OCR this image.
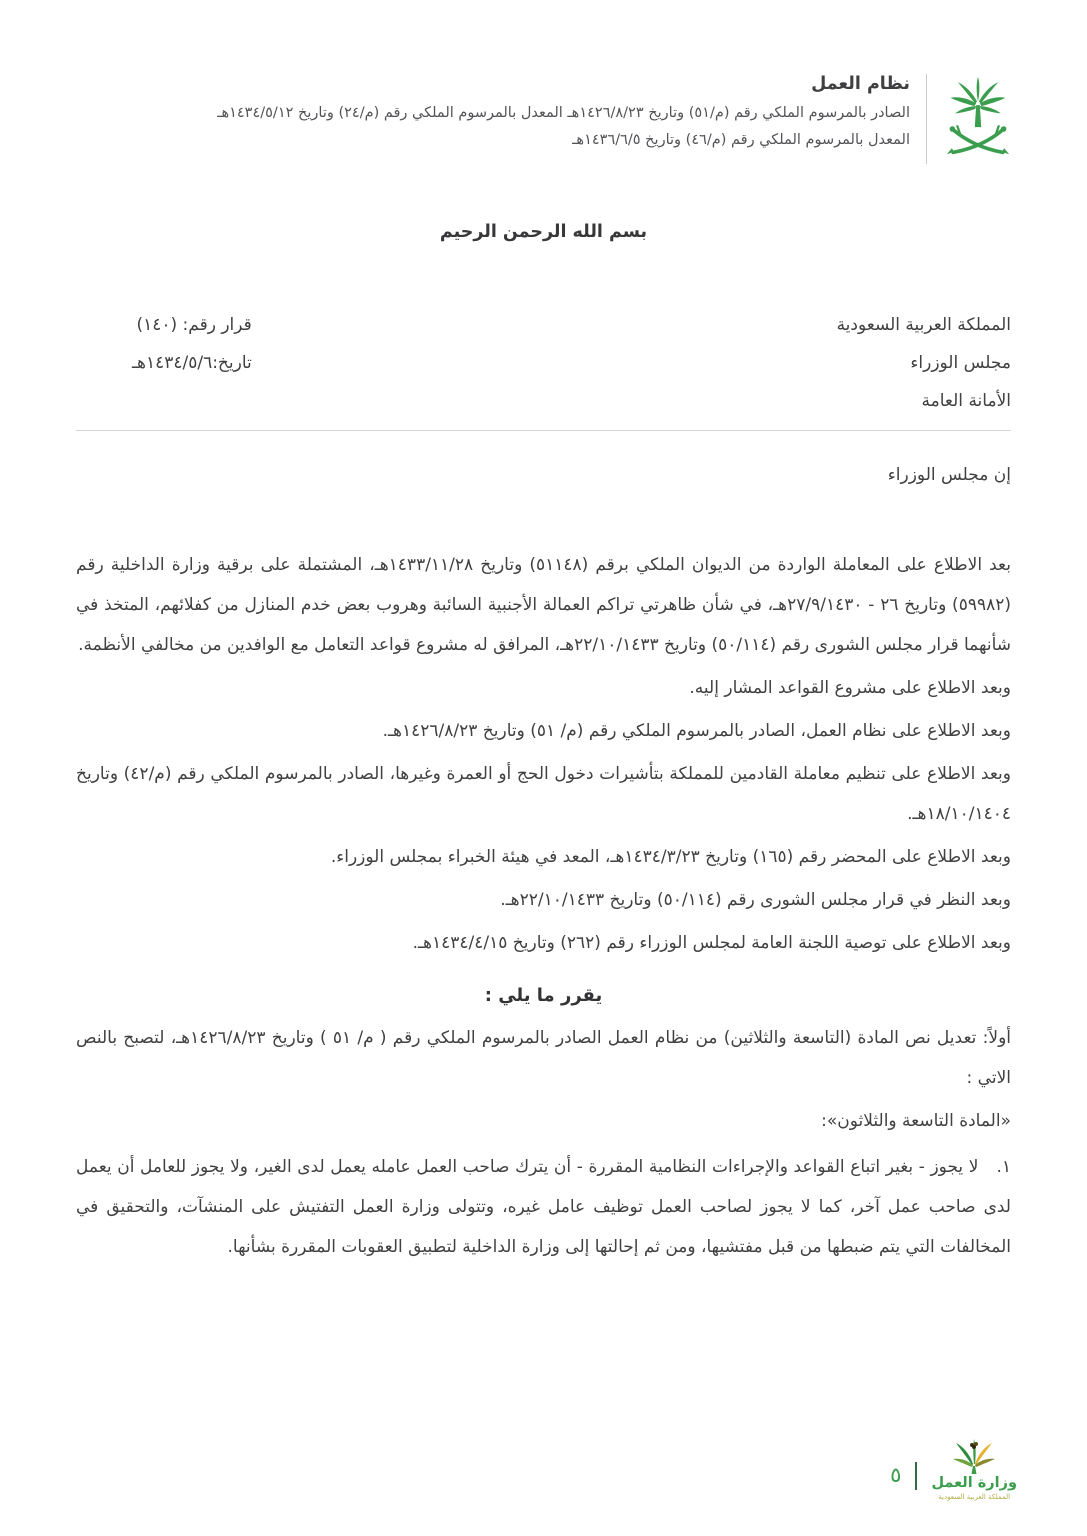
نظام العمل
الصادر بالمرسوم الملكي رقم (م/٥١) وتاريخ ١٤٢٦/٨/٢٣هـ المعدل بالمرسوم الملكي رقم (م/٢٤) وتاريخ ١٤٣٤/٥/١٢هـ
المعدل بالمرسوم الملكي رقم (م/٤٦) وتاريخ ١٤٣٦/٦/٥هـ
بسم الله الرحمن الرحيم
المملكة العربية السعودية
مجلس الوزراء
الأمانة العامة
قرار رقم: (١٤٠)
تاريخ:١٤٣٤/٥/٦هـ

إن مجلس الوزراء

بعد الاطلاع على المعاملة الواردة من الديوان الملكي برقم (٥١١٤٨) وتاريخ ١٤٣٣/١١/٢٨هـ، المشتملة على برقية وزارة الداخلية رقم (٥٩٩٨٢) وتاريخ ٢٦ - ٢٧/٩/١٤٣٠هـ، في شأن ظاهرتي تراكم العمالة الأجنبية السائبة وهروب بعض خدم المنازل من كفلائهم، المتخذ في شأنهما قرار مجلس الشورى رقم (٥٠/١١٤) وتاريخ ٢٢/١٠/١٤٣٣هـ، المرافق له مشروع قواعد التعامل مع الوافدين من مخالفي الأنظمة.

وبعد الاطلاع على مشروع القواعد المشار إليه.

وبعد الاطلاع على نظام العمل، الصادر بالمرسوم الملكي رقم (م/ ٥١) وتاريخ ١٤٢٦/٨/٢٣هـ.

وبعد الاطلاع على تنظيم معاملة القادمين للمملكة بتأشيرات دخول الحج أو العمرة وغيرها، الصادر بالمرسوم الملكي رقم (م/٤٢) وتاريخ ١٨/١٠/١٤٠٤هـ.

وبعد الاطلاع على المحضر رقم (١٦٥) وتاريخ ١٤٣٤/٣/٢٣هـ، المعد في هيئة الخبراء بمجلس الوزراء.

وبعد النظر في قرار مجلس الشورى رقم (٥٠/١١٤) وتاريخ ٢٢/١٠/١٤٣٣هـ.

وبعد الاطلاع على توصية اللجنة العامة لمجلس الوزراء رقم (٢٦٢) وتاريخ ١٤٣٤/٤/١٥هـ.

يقرر ما يلي :

أولاً: تعديل نص المادة (التاسعة والثلاثين) من نظام العمل الصادر بالمرسوم الملكي رقم ( م/ ٥١ ) وتاريخ ١٤٢٦/٨/٢٣هـ، لتصبح بالنص الاتي :

«المادة التاسعة والثلاثون»:

١.لا يجوز - بغير اتباع القواعد والإجراءات النظامية المقررة - أن يترك صاحب العمل عامله يعمل لدى الغير، ولا يجوز للعامل أن يعمل لدى صاحب عمل آخر، كما لا يجوز لصاحب العمل توظيف عامل غيره، وتتولى وزارة العمل التفتيش على المنشآت، والتحقيق في المخالفات التي يتم ضبطها من قبل مفتشيها، ومن ثم إحالتها إلى وزارة الداخلية لتطبيق العقوبات المقررة بشأنها.

٥ وزارة العمل
المملكة العربية السعودية
